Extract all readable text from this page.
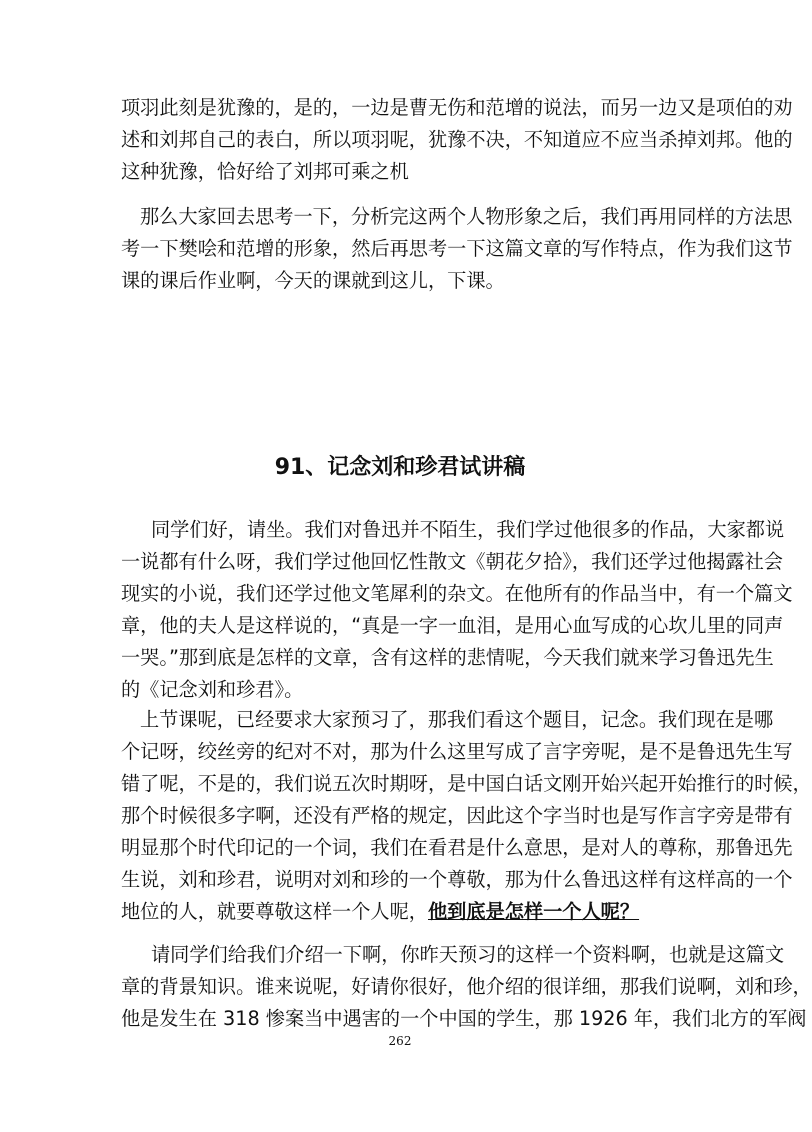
项羽此刻是犹豫的，是的，一边是曹无伤和范增的说法，而另一边又是项伯的劝
述和刘邦自己的表白，所以项羽呢，犹豫不决，不知道应不应当杀掉刘邦。他的
这种犹豫，恰好给了刘邦可乘之机

那么大家回去思考一下，分析完这两个人物形象之后，我们再用同样的方法思
考一下樊哙和范增的形象，然后再思考一下这篇文章的写作特点，作为我们这节
课的课后作业啊，今天的课就到这儿，下课。

91、记念刘和珍君试讲稿

同学们好，请坐。我们对鲁迅并不陌生，我们学过他很多的作品，大家都说
一说都有什么呀，我们学过他回忆性散文《朝花夕拾》，我们还学过他揭露社会
现实的小说，我们还学过他文笔犀利的杂文。在他所有的作品当中，有一个篇文
章，他的夫人是这样说的，“真是一字一血泪，是用心血写成的心坎儿里的同声
一哭。”那到底是怎样的文章，含有这样的悲情呢，今天我们就来学习鲁迅先生
的《记念刘和珍君》。

上节课呢，已经要求大家预习了，那我们看这个题目，记念。我们现在是哪
个记呀，绞丝旁的纪对不对，那为什么这里写成了言字旁呢，是不是鲁迅先生写
错了呢，不是的，我们说五次时期呀，是中国白话文刚开始兴起开始推行的时候，
那个时候很多字啊，还没有严格的规定，因此这个字当时也是写作言字旁是带有
明显那个时代印记的一个词，我们在看君是什么意思，是对人的尊称，那鲁迅先
生说，刘和珍君，说明对刘和珍的一个尊敬，那为什么鲁迅这样有这样高的一个
地位的人，就要尊敬这样一个人呢，他到底是怎样一个人呢？

请同学们给我们介绍一下啊，你昨天预习的这样一个资料啊，也就是这篇文
章的背景知识。谁来说呢，好请你很好，他介绍的很详细，那我们说啊，刘和珍，
他是发生在 318 惨案当中遇害的一个中国的学生，那 1926 年，我们北方的军阀

262
